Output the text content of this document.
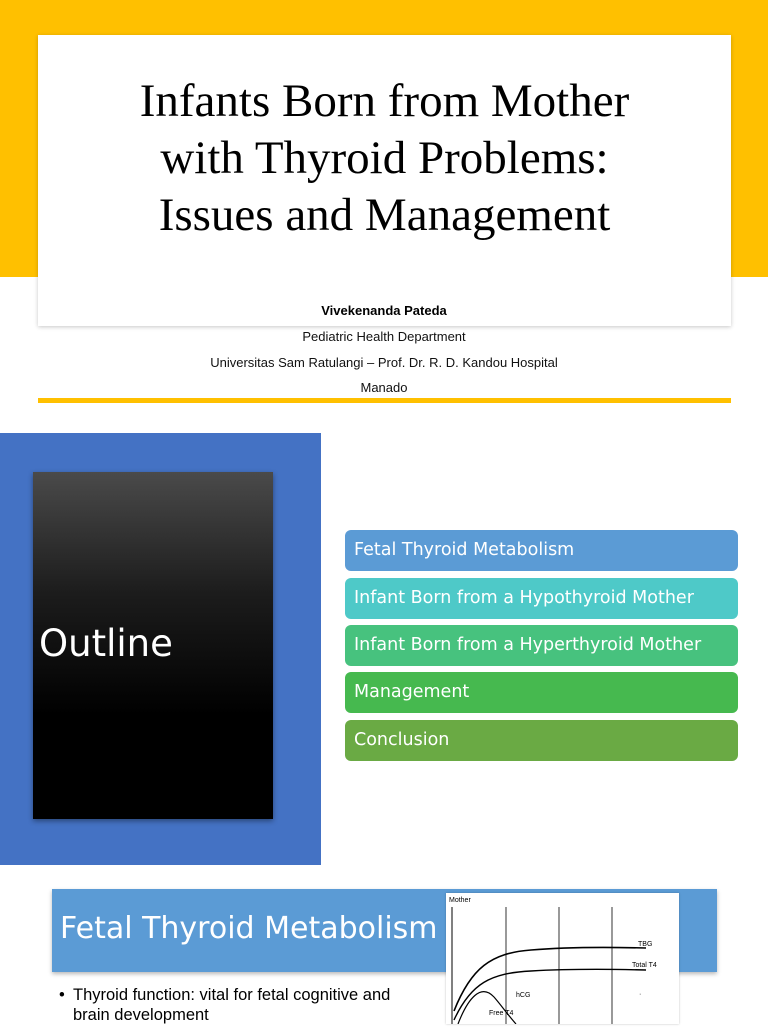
Infants Born from Mother
with Thyroid Problems:
Issues and Management
Vivekenanda Pateda
Pediatric Health Department
Universitas Sam Ratulangi – Prof. Dr. R. D. Kandou Hospital
Manado
Outline
Fetal Thyroid Metabolism
Infant Born from a Hypothyroid Mother
Infant Born from a Hyperthyroid Mother
Management
Conclusion
Fetal Thyroid Metabolism
Mother
TBG
Total T4
hCG
Free T4
·
• Thyroid function: vital for fetal cognitive and brain development
